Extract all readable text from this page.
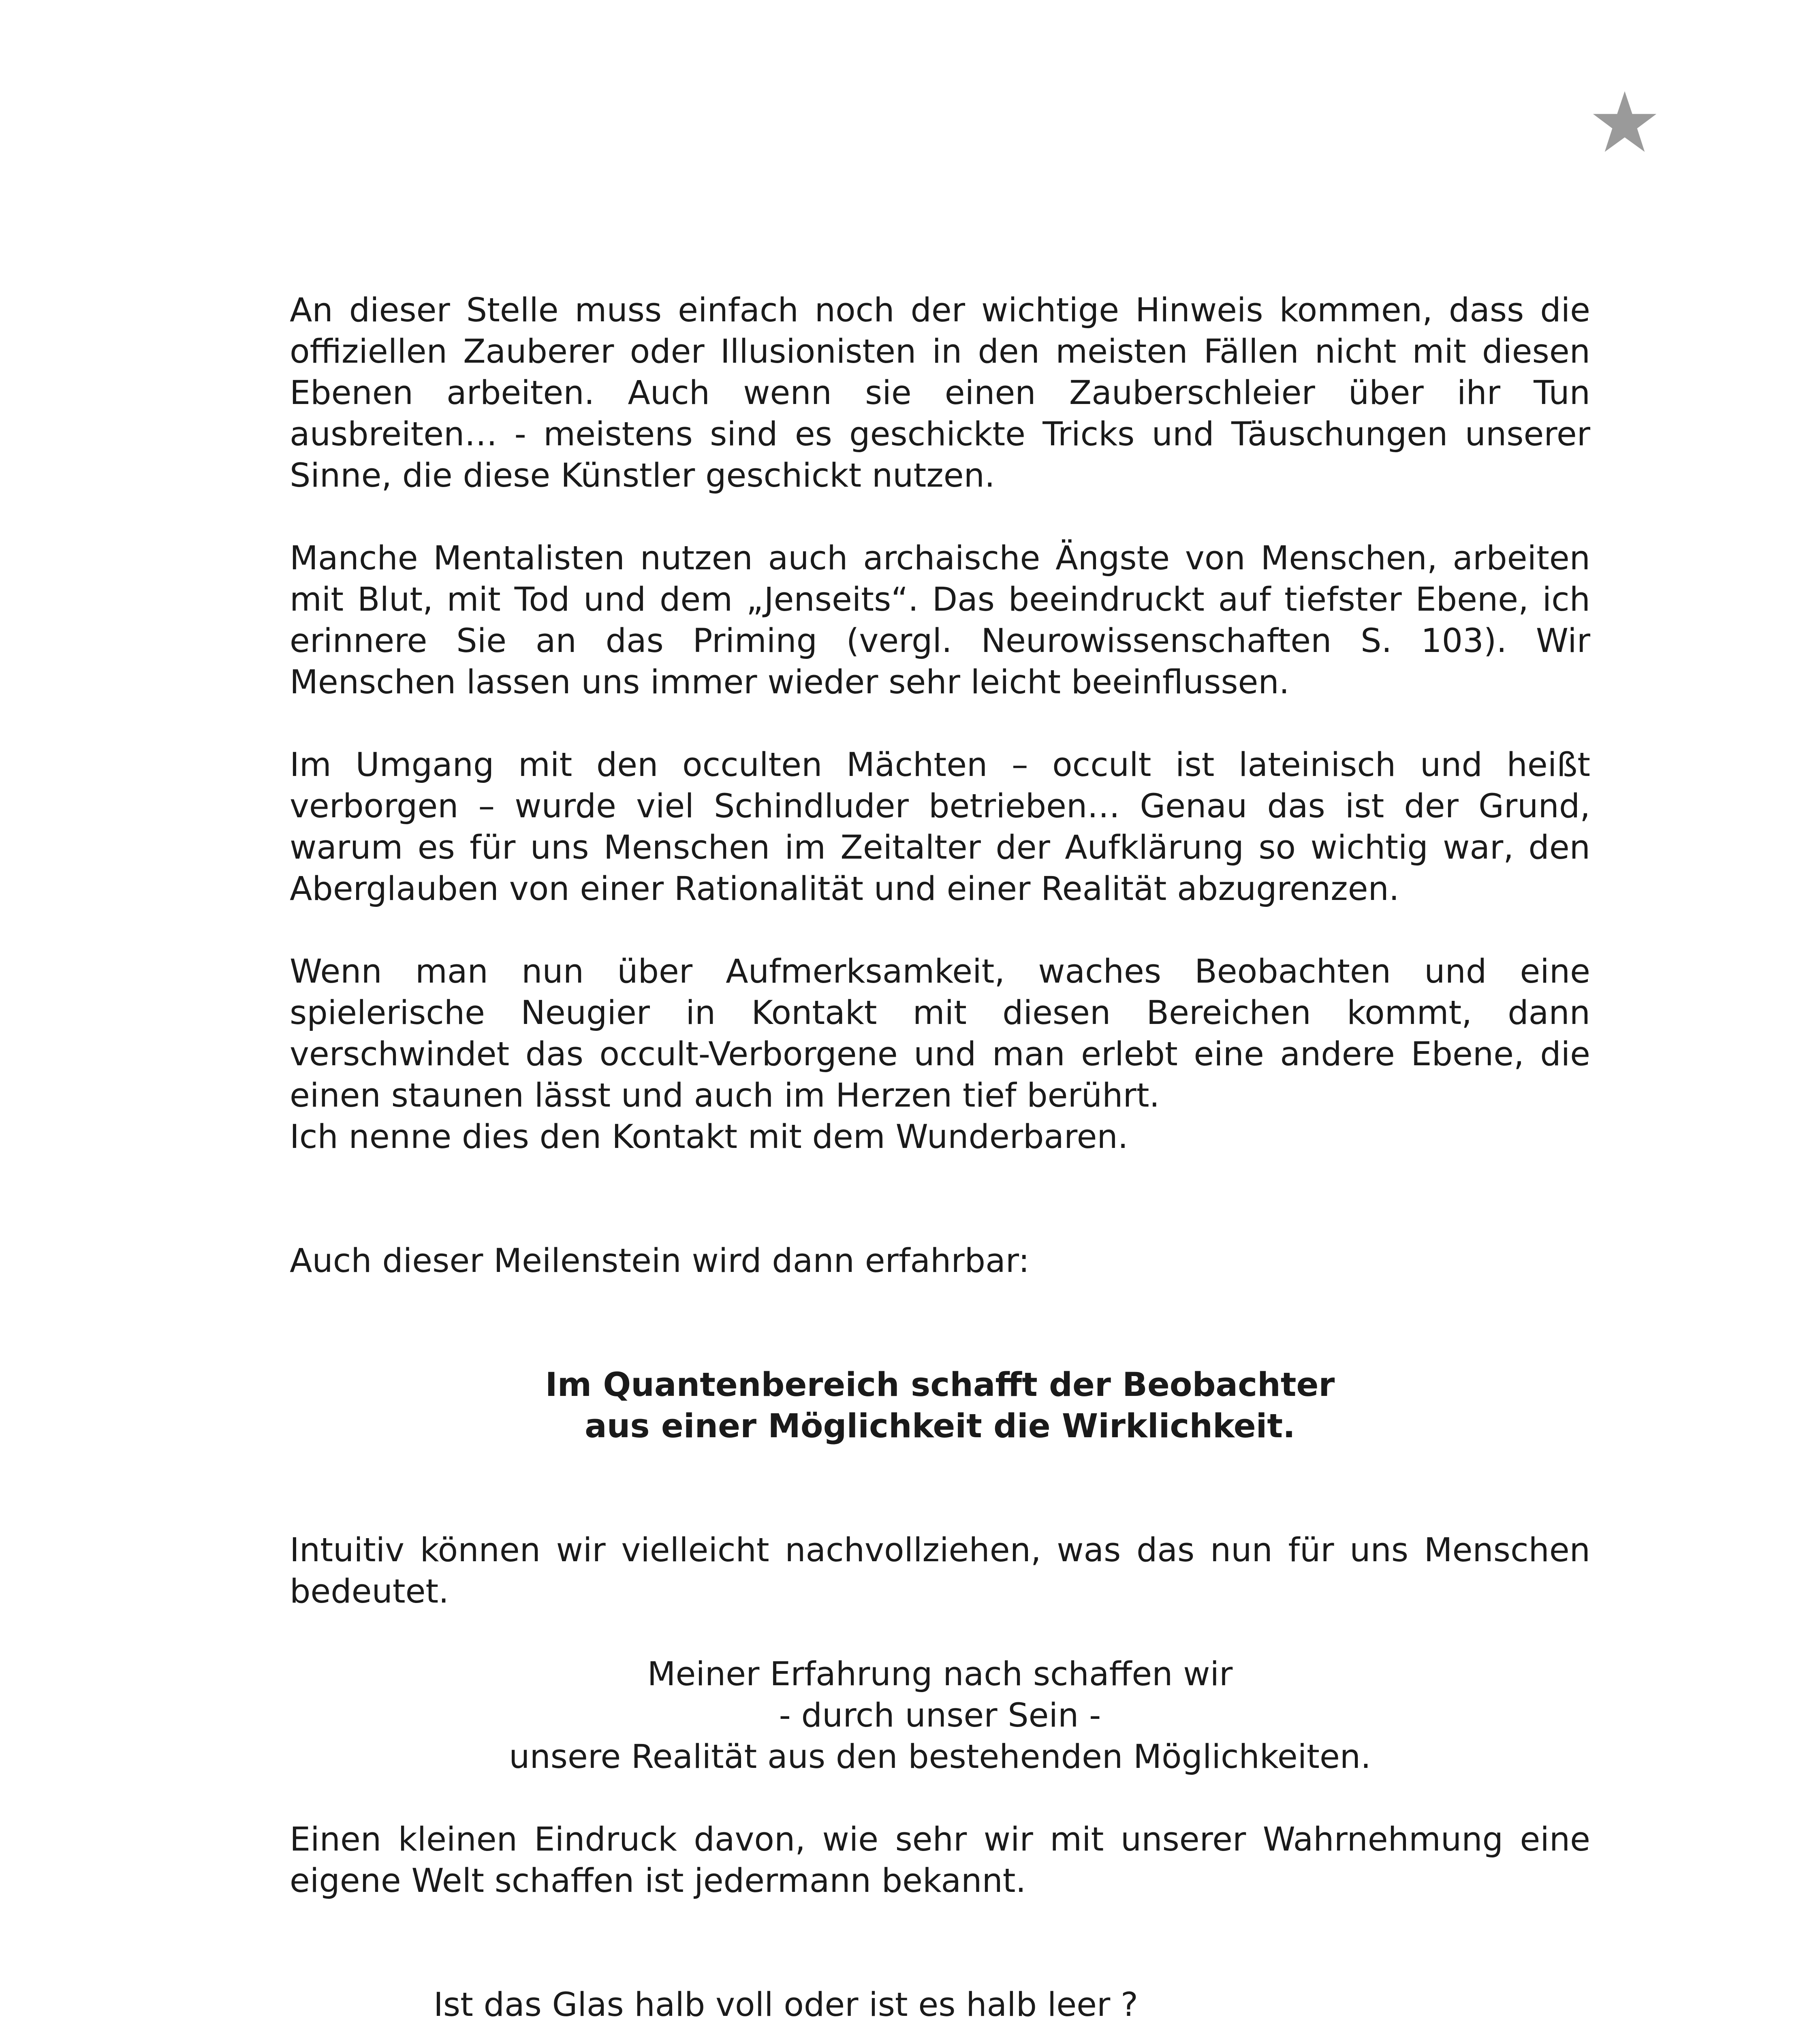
An dieser Stelle muss einfach noch der wichtige Hinweis kommen, dass die offiziellen Zauberer oder Illusionisten in den meisten Fällen nicht mit diesen Ebenen arbeiten. Auch wenn sie einen Zauberschleier über ihr Tun ausbreiten… - meistens sind es geschickte Tricks und Täuschungen unserer Sinne, die diese Künstler geschickt nutzen.

Manche Mentalisten nutzen auch archaische Ängste von Menschen, arbeiten mit Blut, mit Tod und dem „Jenseits“. Das beeindruckt auf tiefster Ebene, ich erinnere Sie an das Priming (vergl. Neurowissenschaften S. 103). Wir Menschen lassen uns immer wieder sehr leicht beeinflussen.

Im Umgang mit den occulten Mächten – occult ist lateinisch und heißt verborgen – wurde viel Schindluder betrieben… Genau das ist der Grund, warum es für uns Menschen im Zeitalter der Aufklärung so wichtig war, den Aberglauben von einer Rationalität und einer Realität abzugrenzen.

Wenn man nun über Aufmerksamkeit, waches Beobachten und eine spielerische Neugier in Kontakt mit diesen Bereichen kommt, dann verschwindet das occult-Verborgene und man erlebt eine andere Ebene, die einen staunen lässt und auch im Herzen tief berührt.

Ich nenne dies den Kontakt mit dem Wunderbaren.

Auch dieser Meilenstein wird dann erfahrbar:

Im Quantenbereich schafft der Beobachter
aus einer Möglichkeit die Wirklichkeit.

Intuitiv können wir vielleicht nachvollziehen, was das nun für uns Menschen bedeutet.

Meiner Erfahrung nach schaffen wir
- durch unser Sein -
unsere Realität aus den bestehenden Möglichkeiten.

Einen kleinen Eindruck davon, wie sehr wir mit unserer Wahrnehmung eine eigene Welt schaffen ist jedermann bekannt.

Ist das Glas halb voll oder ist es halb leer ?
